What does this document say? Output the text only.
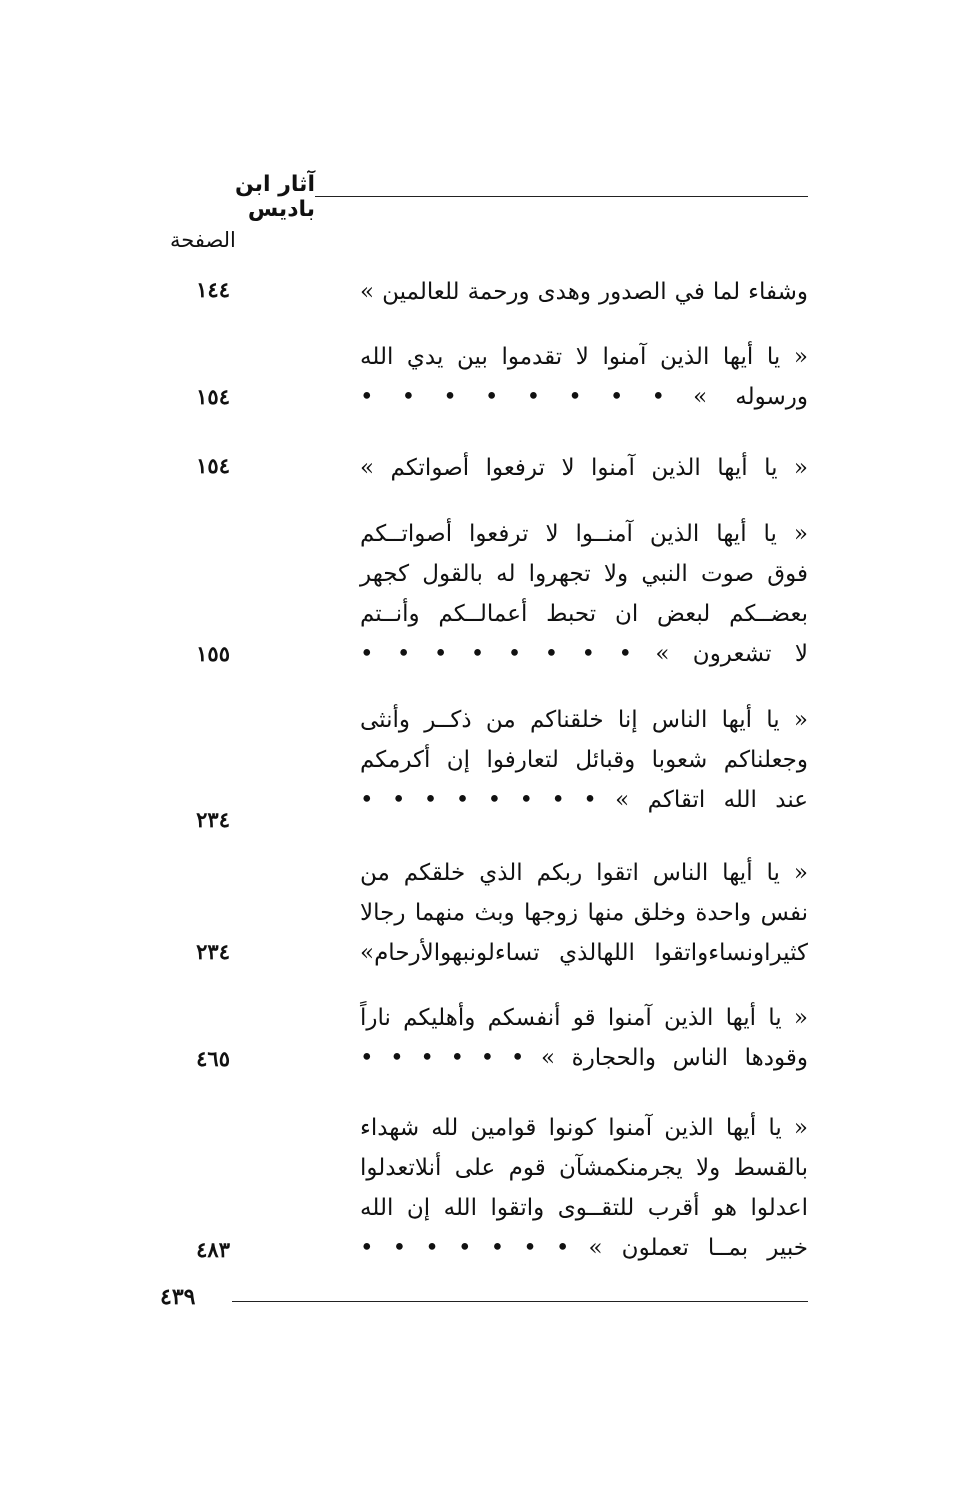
آثار ابن باديس
الصفحة
وشفاء لما في الصدور وهدى ورحمة للعالمين »
١٤٤
« يا أيها الذين آمنوا لا تقدموا بين يدي الله
ورسوله » • • • • • • • •
١٥٤
« يا أيها الذين آمنوا لا ترفعوا أصواتكم »
١٥٤
« يا أيها الذين آمنــوا لا ترفعوا أصواتــكم
فوق صوت النبي ولا تجهروا له بالقول كجهر
بعضــكم لبعض ان تحبط أعمالــكم وأنــتم
لا تشعرون » • • • • • • • •
١٥٥
« يا أيها الناس إنا خلقناكم من ذكــر وأنثى
وجعلناكم شعوبا وقبائل لتعارفوا إن أكرمكم
عند الله اتقاكم » • • • • • • • •
٢٣٤
« يا أيها الناس اتقوا ربكم الذي خلقكم من
نفس واحدة وخلق منها زوجها وبث منهما رجالا
كثيراونساءواتقوا اللهالذي تساءلونبهوالأرحام»
٢٣٤
« يا أيها الذين آمنوا قو أنفسكم وأهليكم ناراً
وقودها الناس والحجارة » • • • • • •
٤٦٥
« يا أيها الذين آمنوا كونوا قوامين لله شهداء
بالقسط ولا يجرمنكمشآن قوم على أنلاتعدلوا
اعدلوا هو أقرب للتقــوى واتقوا الله إن الله
خبير بمــا تعملون » • • • • • • •
٤٨٣
٤٣٩
